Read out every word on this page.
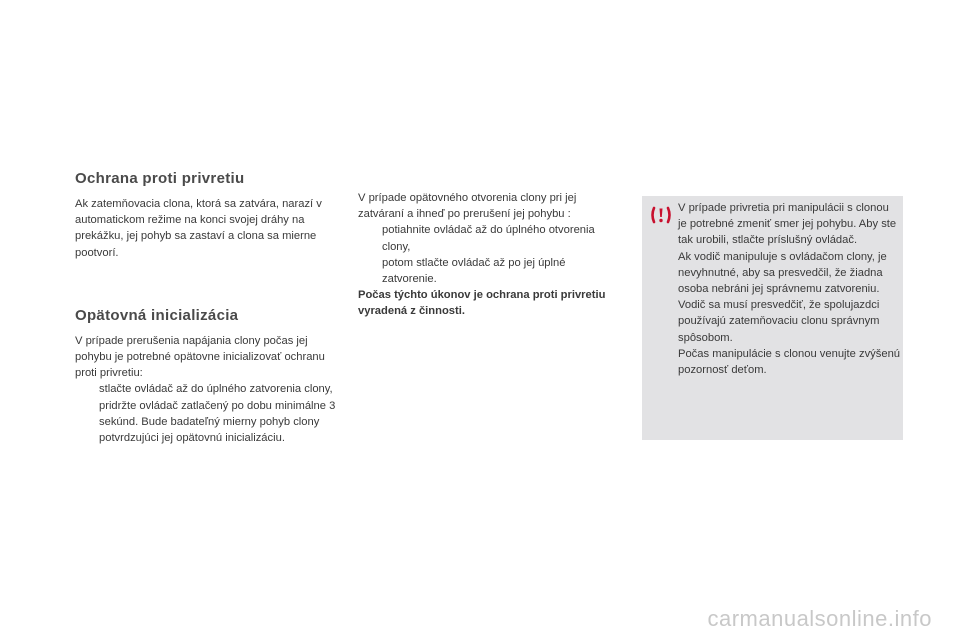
Ochrana proti privretiu

Ak zatemňovacia clona, ktorá sa zatvára, narazí v automatickom režime na konci svojej dráhy na prekážku, jej pohyb sa zastaví a clona sa mierne pootvorí.

Opätovná inicializácia

V prípade prerušenia napájania clony počas jej pohybu je potrebné opätovne inicializovať ochranu proti privretiu:

stlačte ovládač až do úplného zatvorenia clony,
pridržte ovládač zatlačený po dobu minimálne 3 sekúnd. Bude badateľný mierny pohyb clony potvrdzujúci jej opätovnú inicializáciu.

V prípade opätovného otvorenia clony pri jej zatváraní a ihneď po prerušení jej pohybu :

potiahnite ovládač až do úplného otvorenia clony,
potom stlačte ovládač až po jej úplné zatvorenie.

Počas týchto úkonov je ochrana proti privretiu vyradená z činnosti.

V prípade privretia pri manipulácii s clonou je potrebné zmeniť smer jej pohybu. Aby ste tak urobili, stlačte príslušný ovládač.

Ak vodič manipuluje s ovládačom clony, je nevyhnutné, aby sa presvedčil, že žiadna osoba nebráni jej správnemu zatvoreniu.

Vodič sa musí presvedčiť, že spolujazdci používajú zatemňovaciu clonu správnym spôsobom.

Počas manipulácie s clonou venujte zvýšenú pozornosť deťom.

carmanualsonline.info
